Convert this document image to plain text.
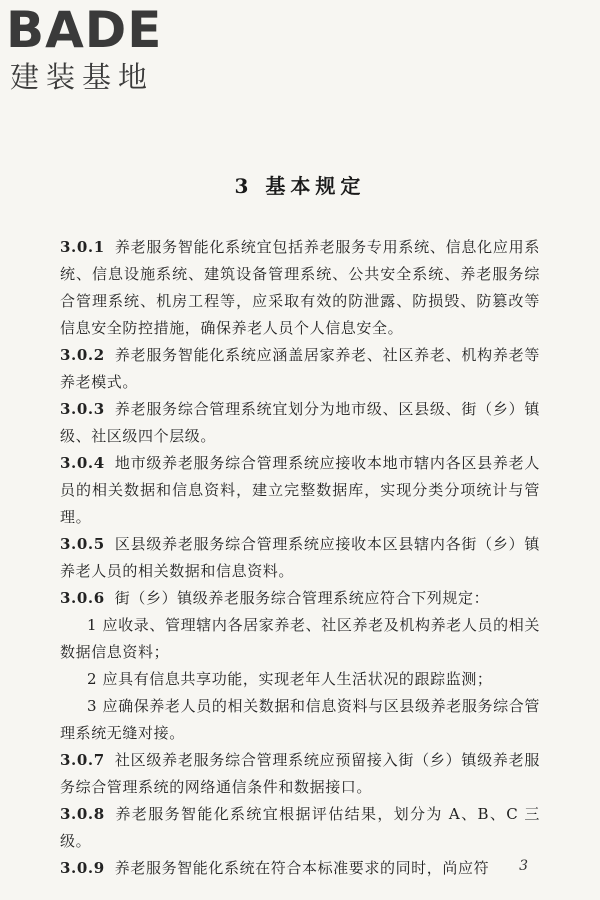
BADE
建装基地
3 基本规定

3.0.1 养老服务智能化系统宜包括养老服务专用系统、信息化应用系统、信息设施系统、建筑设备管理系统、公共安全系统、养老服务综合管理系统、机房工程等，应采取有效的防泄露、防损毁、防篡改等信息安全防控措施，确保养老人员个人信息安全。

3.0.2 养老服务智能化系统应涵盖居家养老、社区养老、机构养老等养老模式。

3.0.3 养老服务综合管理系统宜划分为地市级、区县级、街（乡）镇级、社区级四个层级。

3.0.4 地市级养老服务综合管理系统应接收本地市辖内各区县养老人员的相关数据和信息资料，建立完整数据库，实现分类分项统计与管理。

3.0.5 区县级养老服务综合管理系统应接收本区县辖内各街（乡）镇养老人员的相关数据和信息资料。

3.0.6 街（乡）镇级养老服务综合管理系统应符合下列规定：

1 应收录、管理辖内各居家养老、社区养老及机构养老人员的相关数据信息资料；

2 应具有信息共享功能，实现老年人生活状况的跟踪监测；

3 应确保养老人员的相关数据和信息资料与区县级养老服务综合管理系统无缝对接。

3.0.7 社区级养老服务综合管理系统应预留接入街（乡）镇级养老服务综合管理系统的网络通信条件和数据接口。

3.0.8 养老服务智能化系统宜根据评估结果，划分为 A、B、C 三级。

3.0.9 养老服务智能化系统在符合本标准要求的同时，尚应符	3
